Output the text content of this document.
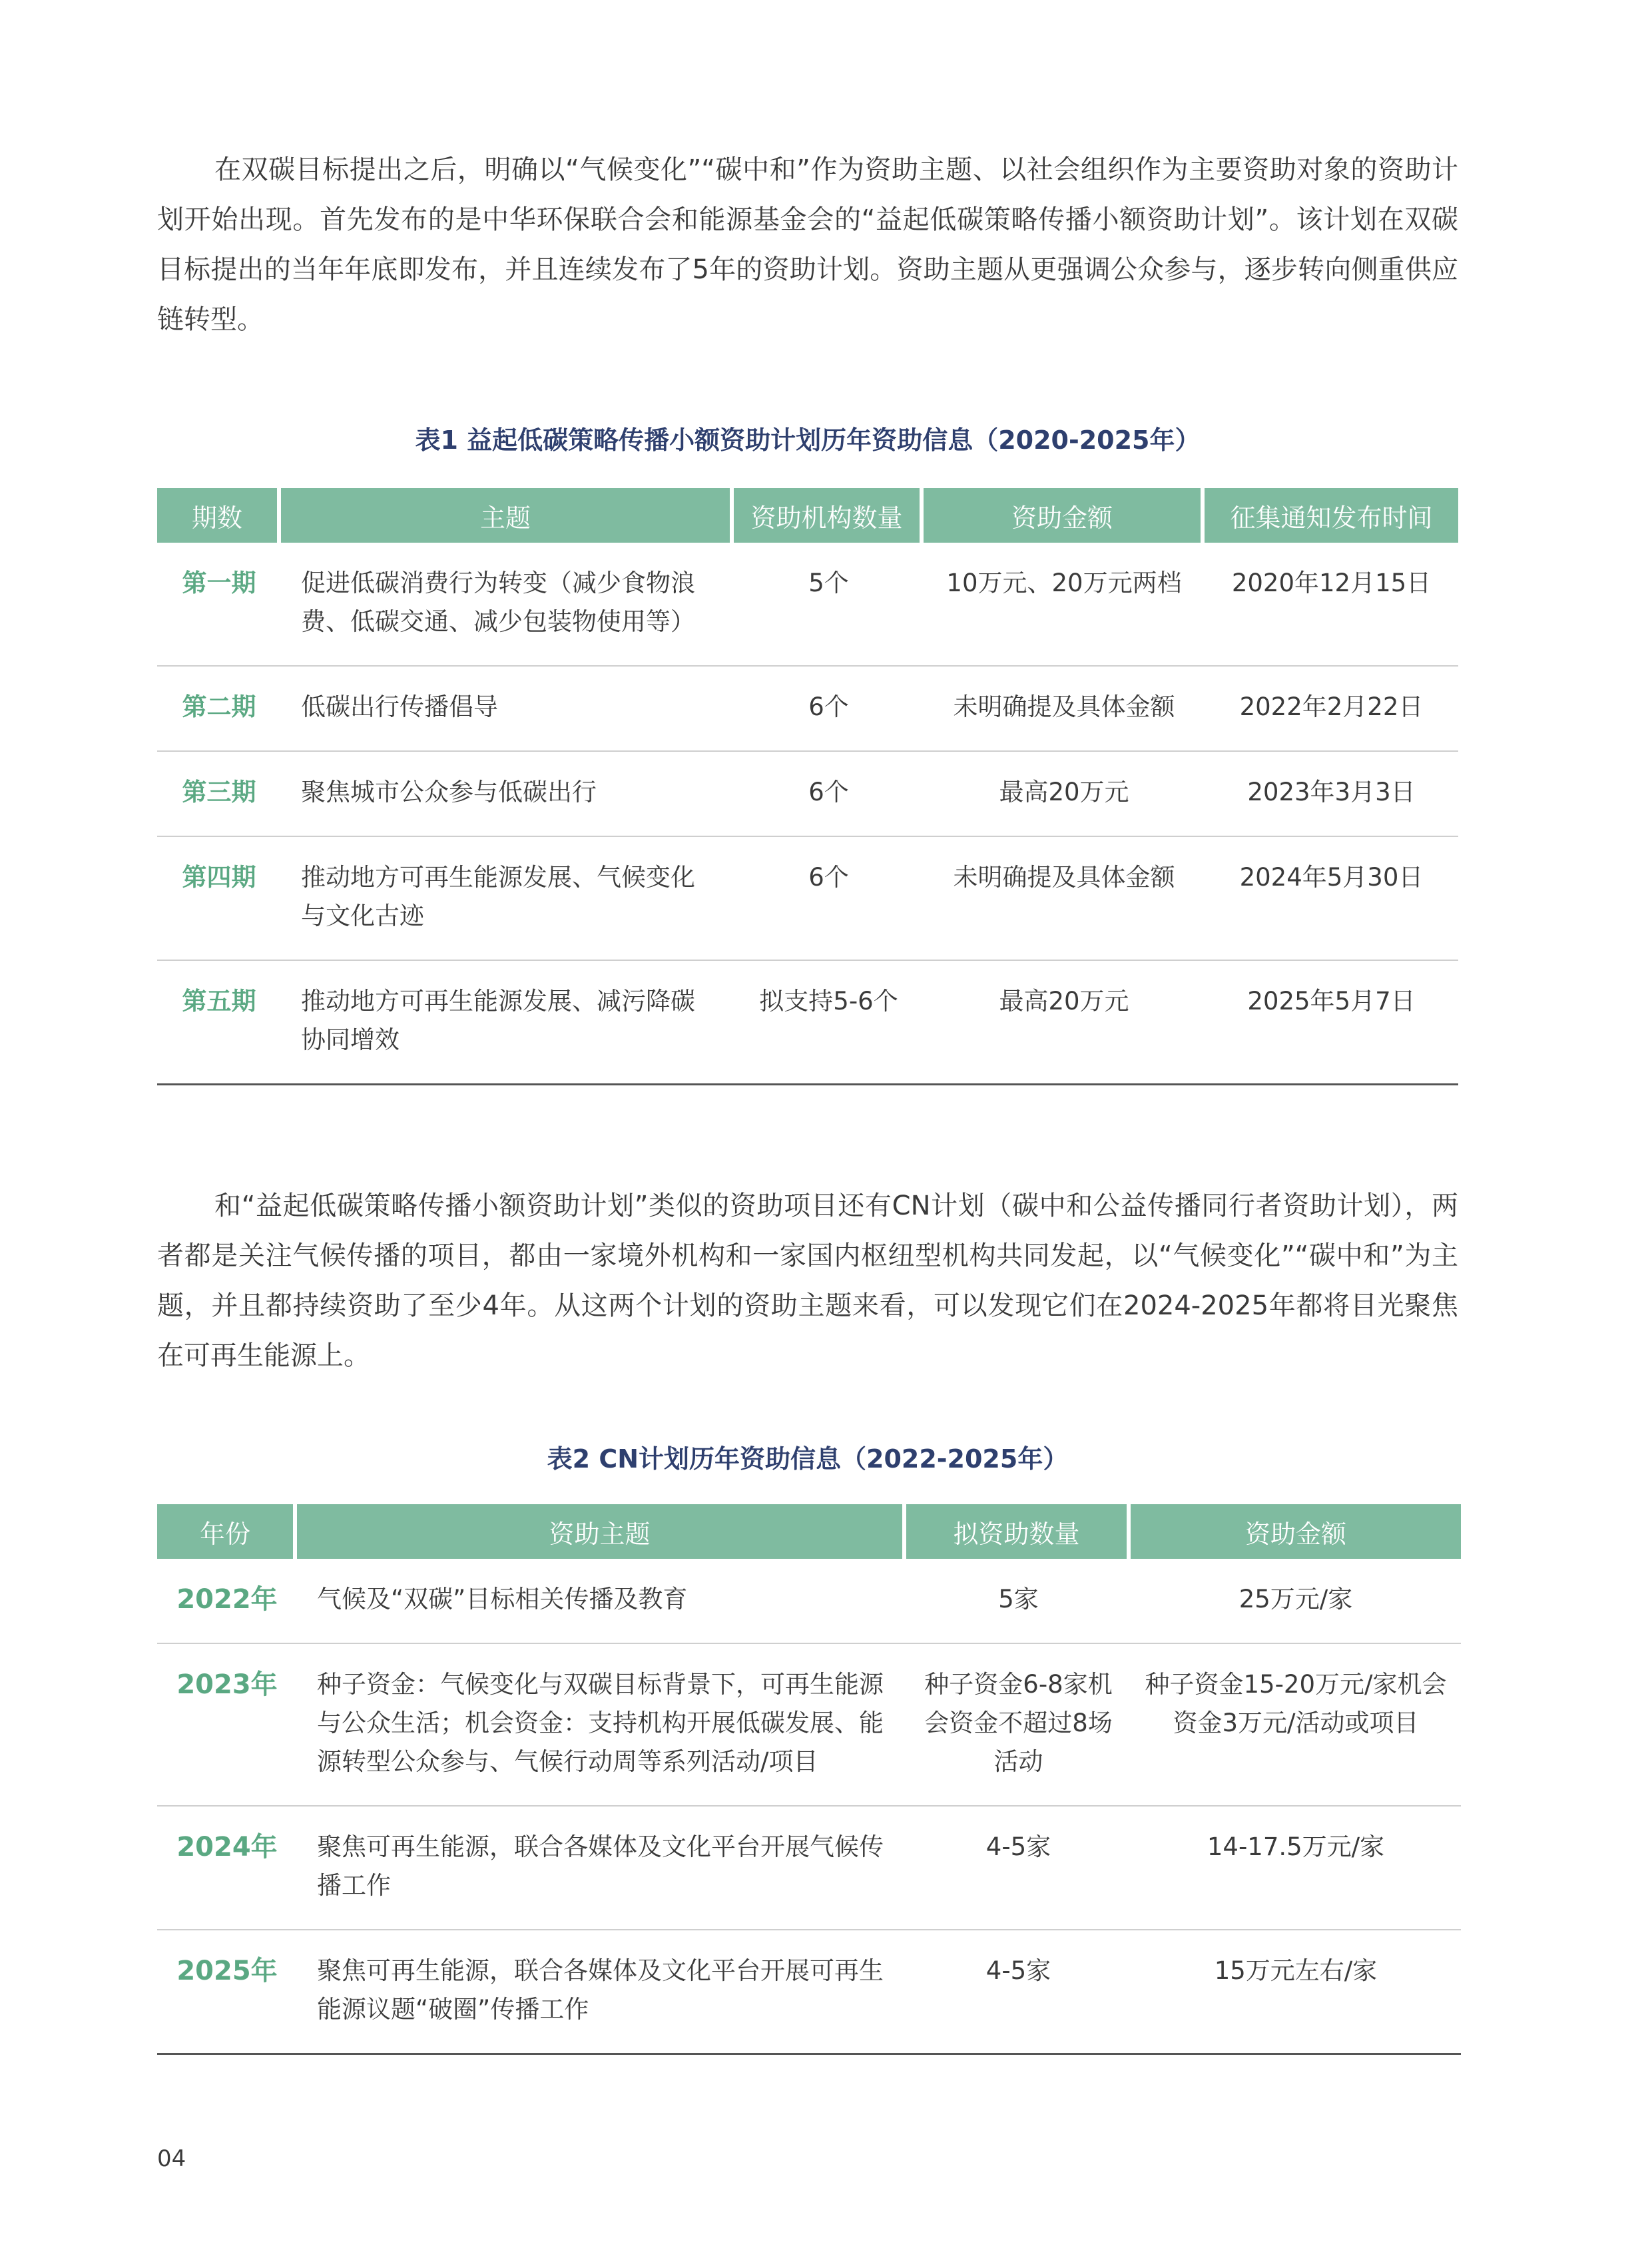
在双碳目标提出之后，明确以“气候变化”“碳中和”作为资助主题、以社会组织作为主要资助对象的资助计划开始出现。首先发布的是中华环保联合会和能源基金会的“益起低碳策略传播小额资助计划”。该计划在双碳目标提出的当年年底即发布，并且连续发布了5年的资助计划。资助主题从更强调公众参与，逐步转向侧重供应链转型。

表1 益起低碳策略传播小额资助计划历年资助信息（2020-2025年）

期数	主题	资助机构数量	资助金额	征集通知发布时间
第一期	促进低碳消费行为转变（减少食物浪费、低碳交通、减少包装物使用等）	5个	10万元、20万元两档	2020年12月15日
第二期	低碳出行传播倡导	6个	未明确提及具体金额	2022年2月22日
第三期	聚焦城市公众参与低碳出行	6个	最高20万元	2023年3月3日
第四期	推动地方可再生能源发展、气候变化与文化古迹	6个	未明确提及具体金额	2024年5月30日
第五期	推动地方可再生能源发展、减污降碳协同增效	拟支持5-6个	最高20万元	2025年5月7日

和“益起低碳策略传播小额资助计划”类似的资助项目还有CN计划（碳中和公益传播同行者资助计划），两者都是关注气候传播的项目，都由一家境外机构和一家国内枢纽型机构共同发起，以“气候变化”“碳中和”为主题，并且都持续资助了至少4年。从这两个计划的资助主题来看，可以发现它们在2024-2025年都将目光聚焦在可再生能源上。

表2 CN计划历年资助信息（2022-2025年）

年份	资助主题	拟资助数量	资助金额
2022年	气候及“双碳”目标相关传播及教育	5家	25万元/家
2023年	种子资金：气候变化与双碳目标背景下，可再生能源与公众生活；机会资金：支持机构开展低碳发展、能源转型公众参与、气候行动周等系列活动/项目	种子资金6-8家机会资金不超过8场活动	种子资金15-20万元/家机会资金3万元/活动或项目
2024年	聚焦可再生能源，联合各媒体及文化平台开展气候传播工作	4-5家	14-17.5万元/家
2025年	聚焦可再生能源，联合各媒体及文化平台开展可再生能源议题“破圈”传播工作	4-5家	15万元左右/家
04
